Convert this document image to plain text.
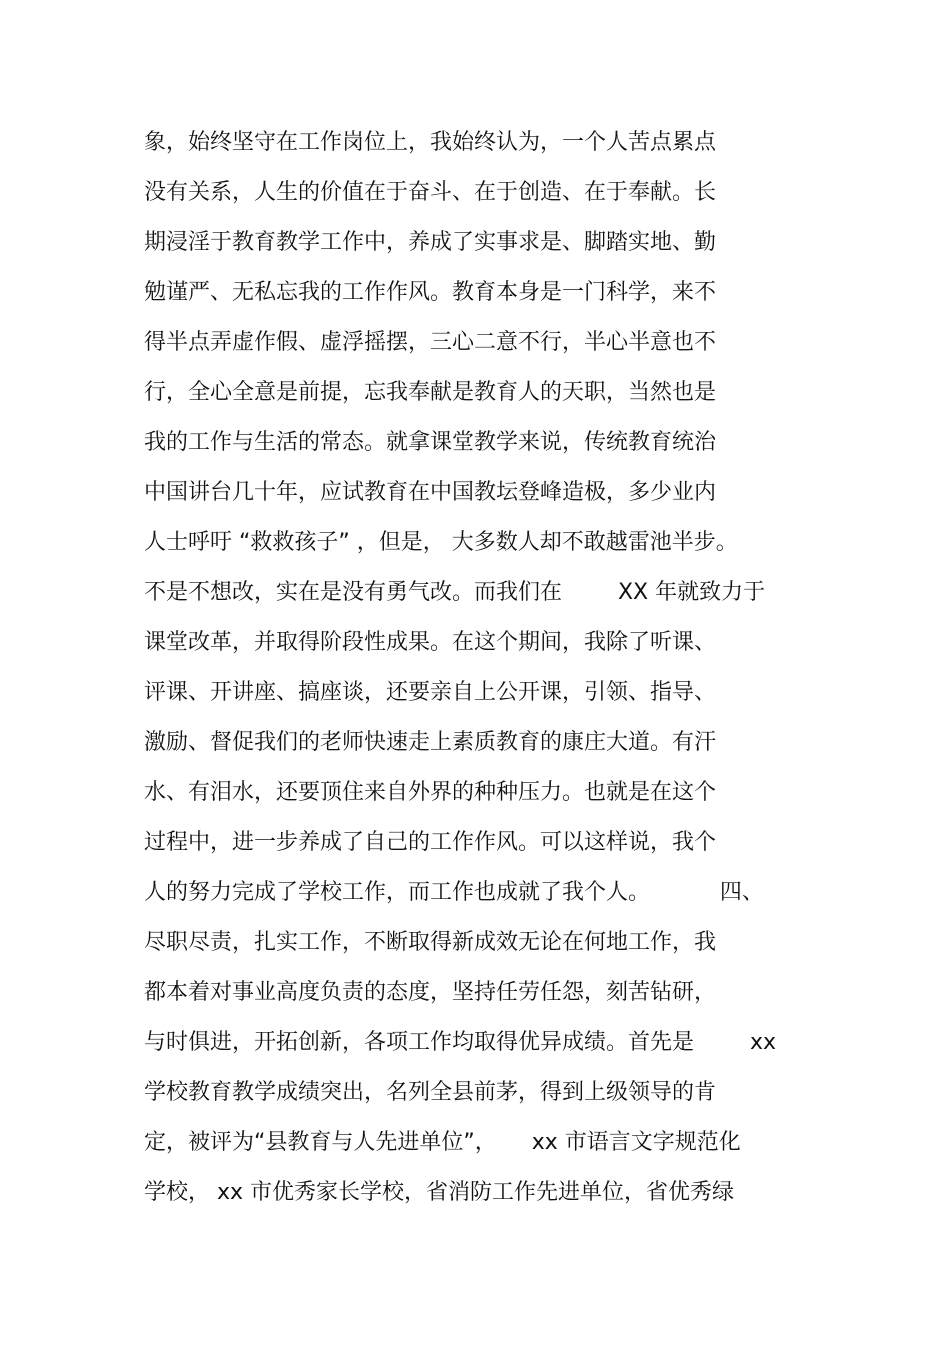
象，始终坚守在工作岗位上，我始终认为，一个人苦点累点
没有关系，人生的价值在于奋斗、在于创造、在于奉献。长
期浸淫于教育教学工作中，养成了实事求是、脚踏实地、勤
勉谨严、无私忘我的工作作风。教育本身是一门科学，来不
得半点弄虚作假、虚浮摇摆，三心二意不行，半心半意也不
行，全心全意是前提，忘我奉献是教育人的天职，当然也是
我的工作与生活的常态。就拿课堂教学来说，传统教育统治
中国讲台几十年，应试教育在中国教坛登峰造极，多少业内
人士呼吁 “救救孩子” ，但是， 大多数人却不敢越雷池半步。
不是不想改，实在是没有勇气改。而我们在        XX 年就致力于
课堂改革，并取得阶段性成果。在这个期间，我除了听课、
评课、开讲座、搞座谈，还要亲自上公开课，引领、指导、
激励、督促我们的老师快速走上素质教育的康庄大道。有汗
水、有泪水，还要顶住来自外界的种种压力。也就是在这个
过程中，进一步养成了自己的工作作风。可以这样说，我个
人的努力完成了学校工作，而工作也成就了我个人。          四、
尽职尽责，扎实工作，不断取得新成效无论在何地工作，我
都本着对事业高度负责的态度，坚持任劳任怨，刻苦钻研，
与时俱进，开拓创新，各项工作均取得优异成绩。首先是        xx
学校教育教学成绩突出，名列全县前茅，得到上级领导的肯
定，被评为“县教育与人先进单位”，     xx 市语言文字规范化
学校， xx 市优秀家长学校，省消防工作先进单位，省优秀绿
